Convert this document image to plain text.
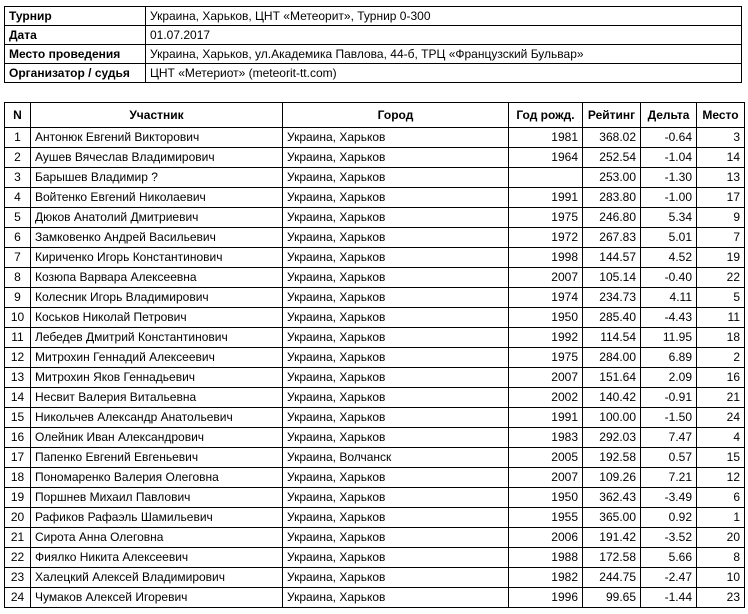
Турнир	Украина, Харьков, ЦНТ «Метеорит», Турнир 0-300
Дата	01.07.2017
Место проведения	Украина, Харьков, ул.Академика Павлова, 44-б, ТРЦ «Французский Бульвар»
Организатор / судья	ЦНТ «Метериот» (meteorit-tt.com)
N	Участник	Город	Год рожд.	Рейтинг	Дельта	Место
1	Антонюк Евгений Викторович	Украина, Харьков	1981	368.02	-0.64	3
2	Аушев Вячеслав Владимирович	Украина, Харьков	1964	252.54	-1.04	14
3	Барышев Владимир ?	Украина, Харьков		253.00	-1.30	13
4	Войтенко Евгений Николаевич	Украина, Харьков	1991	283.80	-1.00	17
5	Дюков Анатолий Дмитриевич	Украина, Харьков	1975	246.80	5.34	9
6	Замковенко Андрей Васильевич	Украина, Харьков	1972	267.83	5.01	7
7	Кириченко Игорь Константинович	Украина, Харьков	1998	144.57	4.52	19
8	Козюпа Варвара Алексеевна	Украина, Харьков	2007	105.14	-0.40	22
9	Колесник Игорь Владимирович	Украина, Харьков	1974	234.73	4.11	5
10	Коськов Николай Петрович	Украина, Харьков	1950	285.40	-4.43	11
11	Лебедев Дмитрий Константинович	Украина, Харьков	1992	114.54	11.95	18
12	Митрохин Геннадий Алексеевич	Украина, Харьков	1975	284.00	6.89	2
13	Митрохин Яков Геннадьевич	Украина, Харьков	2007	151.64	2.09	16
14	Несвит Валерия Витальевна	Украина, Харьков	2002	140.42	-0.91	21
15	Никольчев Александр Анатольевич	Украина, Харьков	1991	100.00	-1.50	24
16	Олейник Иван Александрович	Украина, Харьков	1983	292.03	7.47	4
17	Папенко Евгений Евгеньевич	Украина, Волчанск	2005	192.58	0.57	15
18	Пономаренко Валерия Олеговна	Украина, Харьков	2007	109.26	7.21	12
19	Поршнев Михаил Павлович	Украина, Харьков	1950	362.43	-3.49	6
20	Рафиков Рафаэль Шамильевич	Украина, Харьков	1955	365.00	0.92	1
21	Сирота Анна Олеговна	Украина, Харьков	2006	191.42	-3.52	20
22	Фиялко Никита Алексеевич	Украина, Харьков	1988	172.58	5.66	8
23	Халецкий Алексей Владимирович	Украина, Харьков	1982	244.75	-2.47	10
24	Чумаков Алексей Игоревич	Украина, Харьков	1996	99.65	-1.44	23
